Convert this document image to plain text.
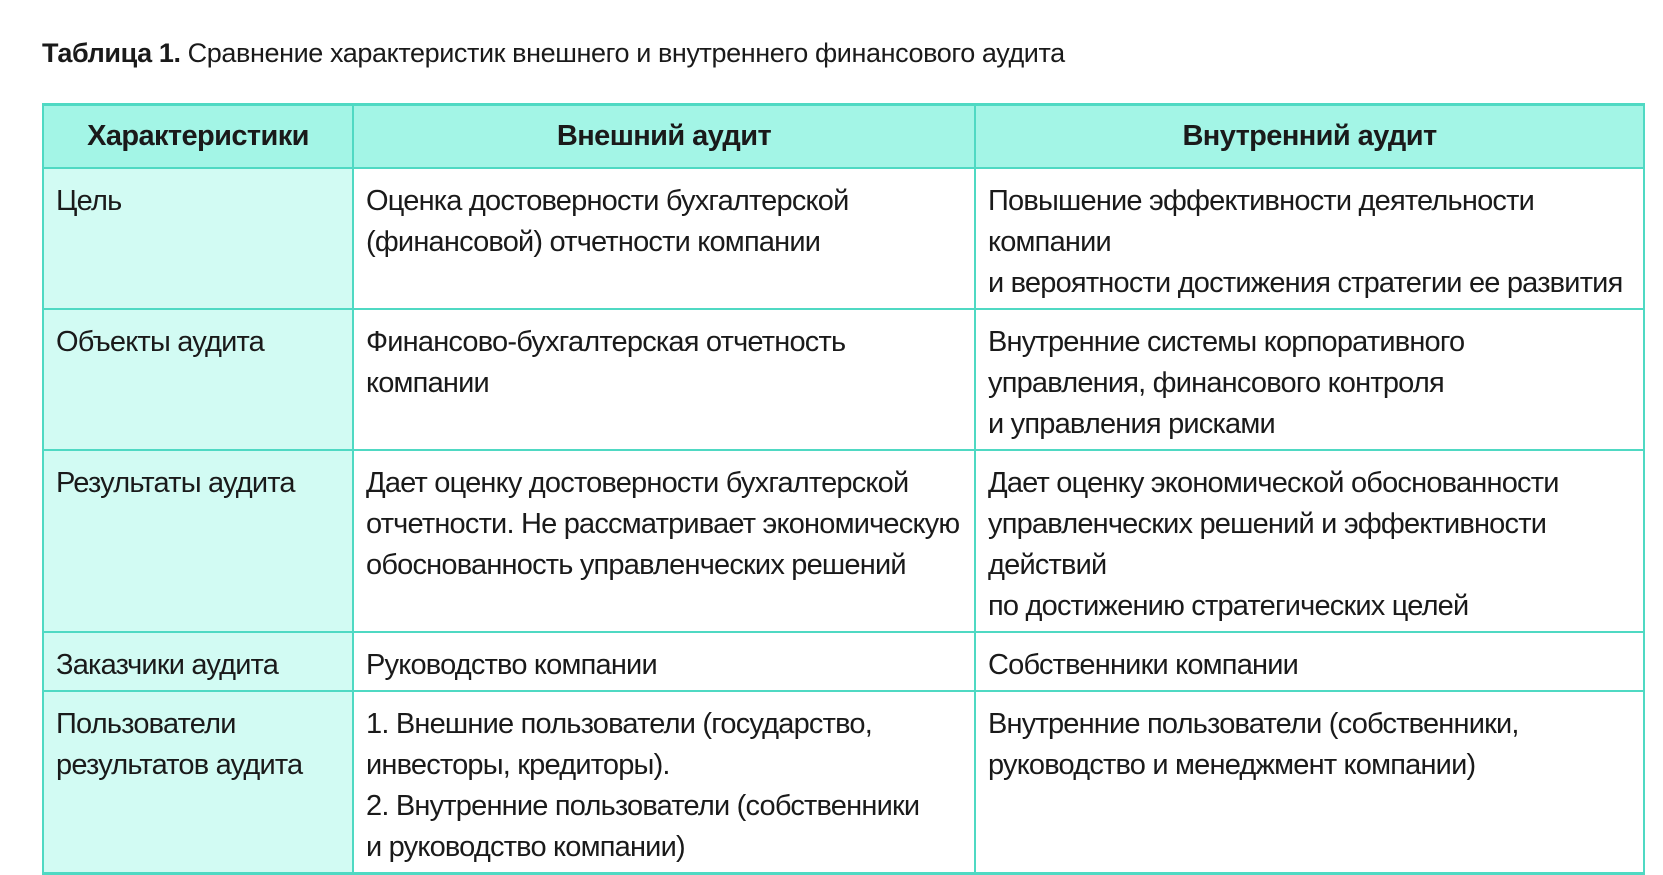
Таблица 1. Сравнение характеристик внешнего и внутреннего финансового аудита
Характеристики	Внешний аудит	Внутренний аудит
Цель	Оценка достоверности бухгалтерской
(финансовой) отчетности компании	Повышение эффективности деятельности компании
и вероятности достижения стратегии ее развития
Объекты аудита	Финансово-бухгалтерская отчетность компании	Внутренние системы корпоративного
управления, финансового контроля
и управления рисками
Результаты аудита	Дает оценку достоверности бухгалтерской
отчетности. Не рассматривает экономическую
обоснованность управленческих решений	Дает оценку экономической обоснованности
управленческих решений и эффективности действий
по достижению стратегических целей
Заказчики аудита	Руководство компании	Собственники компании
Пользователи
результатов аудита	1. Внешние пользователи (государство,
инвесторы, кредиторы).
2. Внутренние пользователи (собственники
и руководство компании)	Внутренние пользователи (собственники,
руководство и менеджмент компании)
